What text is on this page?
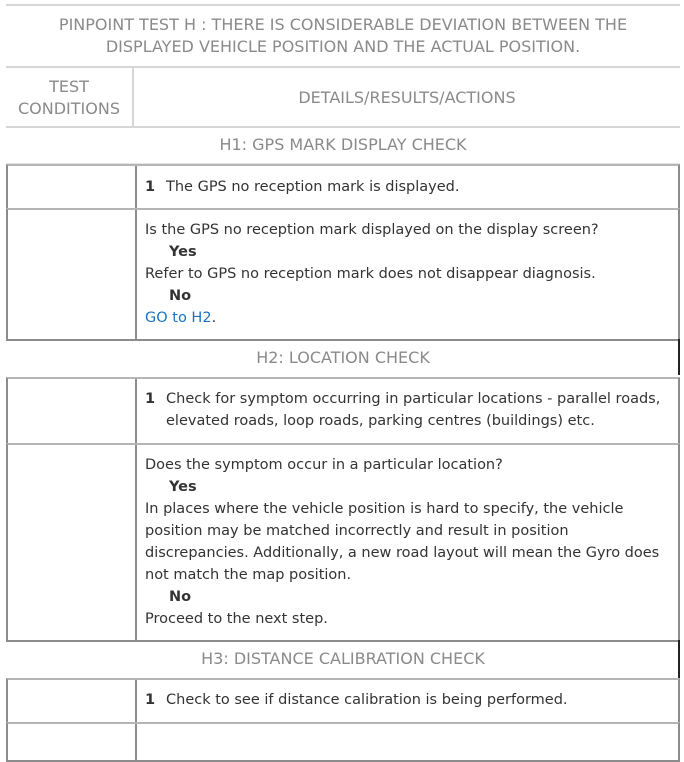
PINPOINT TEST H : THERE IS CONSIDERABLE DEVIATION BETWEEN THE
DISPLAYED VEHICLE POSITION AND THE ACTUAL POSITION.
TEST
CONDITIONS
DETAILS/RESULTS/ACTIONS
H1: GPS MARK DISPLAY CHECK
1 The GPS no reception mark is displayed.
Is the GPS no reception mark displayed on the display screen?
Yes
Refer to GPS no reception mark does not disappear diagnosis.
No
GO to H2.
H2: LOCATION CHECK
1 Check for symptom occurring in particular locations - parallel roads, elevated roads, loop roads, parking centres (buildings) etc.
Does the symptom occur in a particular location?
Yes
In places where the vehicle position is hard to specify, the vehicle position may be matched incorrectly and result in position discrepancies. Additionally, a new road layout will mean the Gyro does not match the map position.
No
Proceed to the next step.
H3: DISTANCE CALIBRATION CHECK
1 Check to see if distance calibration is being performed.
